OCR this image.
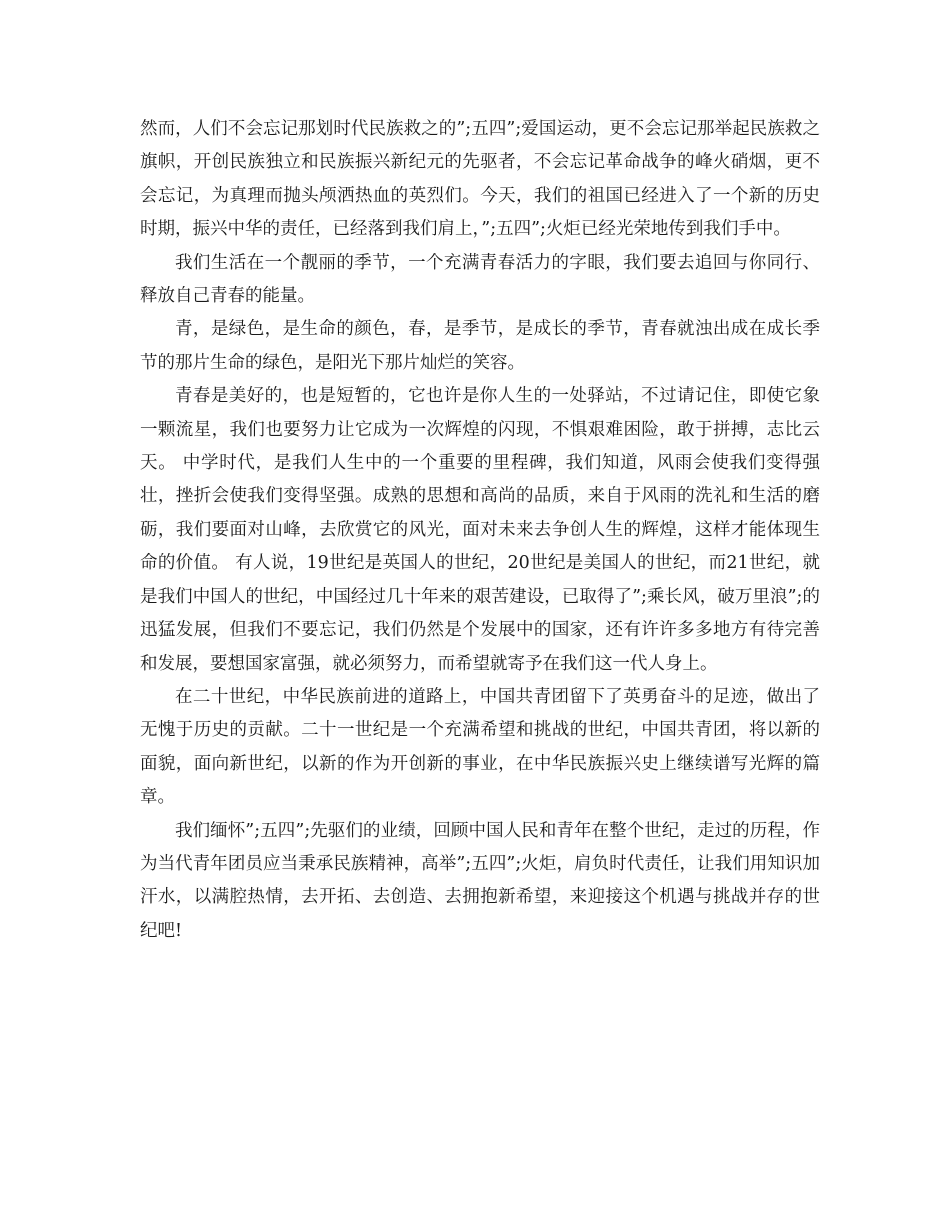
然而，人们不会忘记那划时代民族救之的”;五四”;爱国运动，更不会忘记那举起民族救之旗帜，开创民族独立和民族振兴新纪元的先驱者，不会忘记革命战争的峰火硝烟，更不会忘记，为真理而抛头颅洒热血的英烈们。今天，我们的祖国已经进入了一个新的历史时期，振兴中华的责任，已经落到我们肩上，”;五四”;火炬已经光荣地传到我们手中。

我们生活在一个靓丽的季节，一个充满青春活力的字眼，我们要去追回与你同行、释放自己青春的能量。

青，是绿色，是生命的颜色，春，是季节，是成长的季节，青春就浊出成在成长季节的那片生命的绿色，是阳光下那片灿烂的笑容。

青春是美好的，也是短暂的，它也许是你人生的一处驿站，不过请记住，即使它象一颗流星，我们也要努力让它成为一次辉煌的闪现，不惧艰难困险，敢于拼搏，志比云天。 中学时代，是我们人生中的一个重要的里程碑，我们知道，风雨会使我们变得强壮，挫折会使我们变得坚强。成熟的思想和高尚的品质，来自于风雨的洗礼和生活的磨砺，我们要面对山峰，去欣赏它的风光，面对未来去争创人生的辉煌，这样才能体现生命的价值。 有人说，19世纪是英国人的世纪，20世纪是美国人的世纪，而21世纪，就是我们中国人的世纪，中国经过几十年来的艰苦建设，已取得了”;乘长风，破万里浪”;的迅猛发展，但我们不要忘记，我们仍然是个发展中的国家，还有许许多多地方有待完善和发展，要想国家富强，就必须努力，而希望就寄予在我们这一代人身上。

在二十世纪，中华民族前进的道路上，中国共青团留下了英勇奋斗的足迹，做出了无愧于历史的贡献。二十一世纪是一个充满希望和挑战的世纪，中国共青团，将以新的面貌，面向新世纪，以新的作为开创新的事业，在中华民族振兴史上继续谱写光辉的篇章。

我们缅怀”;五四”;先驱们的业绩，回顾中国人民和青年在整个世纪，走过的历程，作为当代青年团员应当秉承民族精神，高举”;五四”;火炬，肩负时代责任，让我们用知识加汗水，以满腔热情，去开拓、去创造、去拥抱新希望，来迎接这个机遇与挑战并存的世纪吧!
